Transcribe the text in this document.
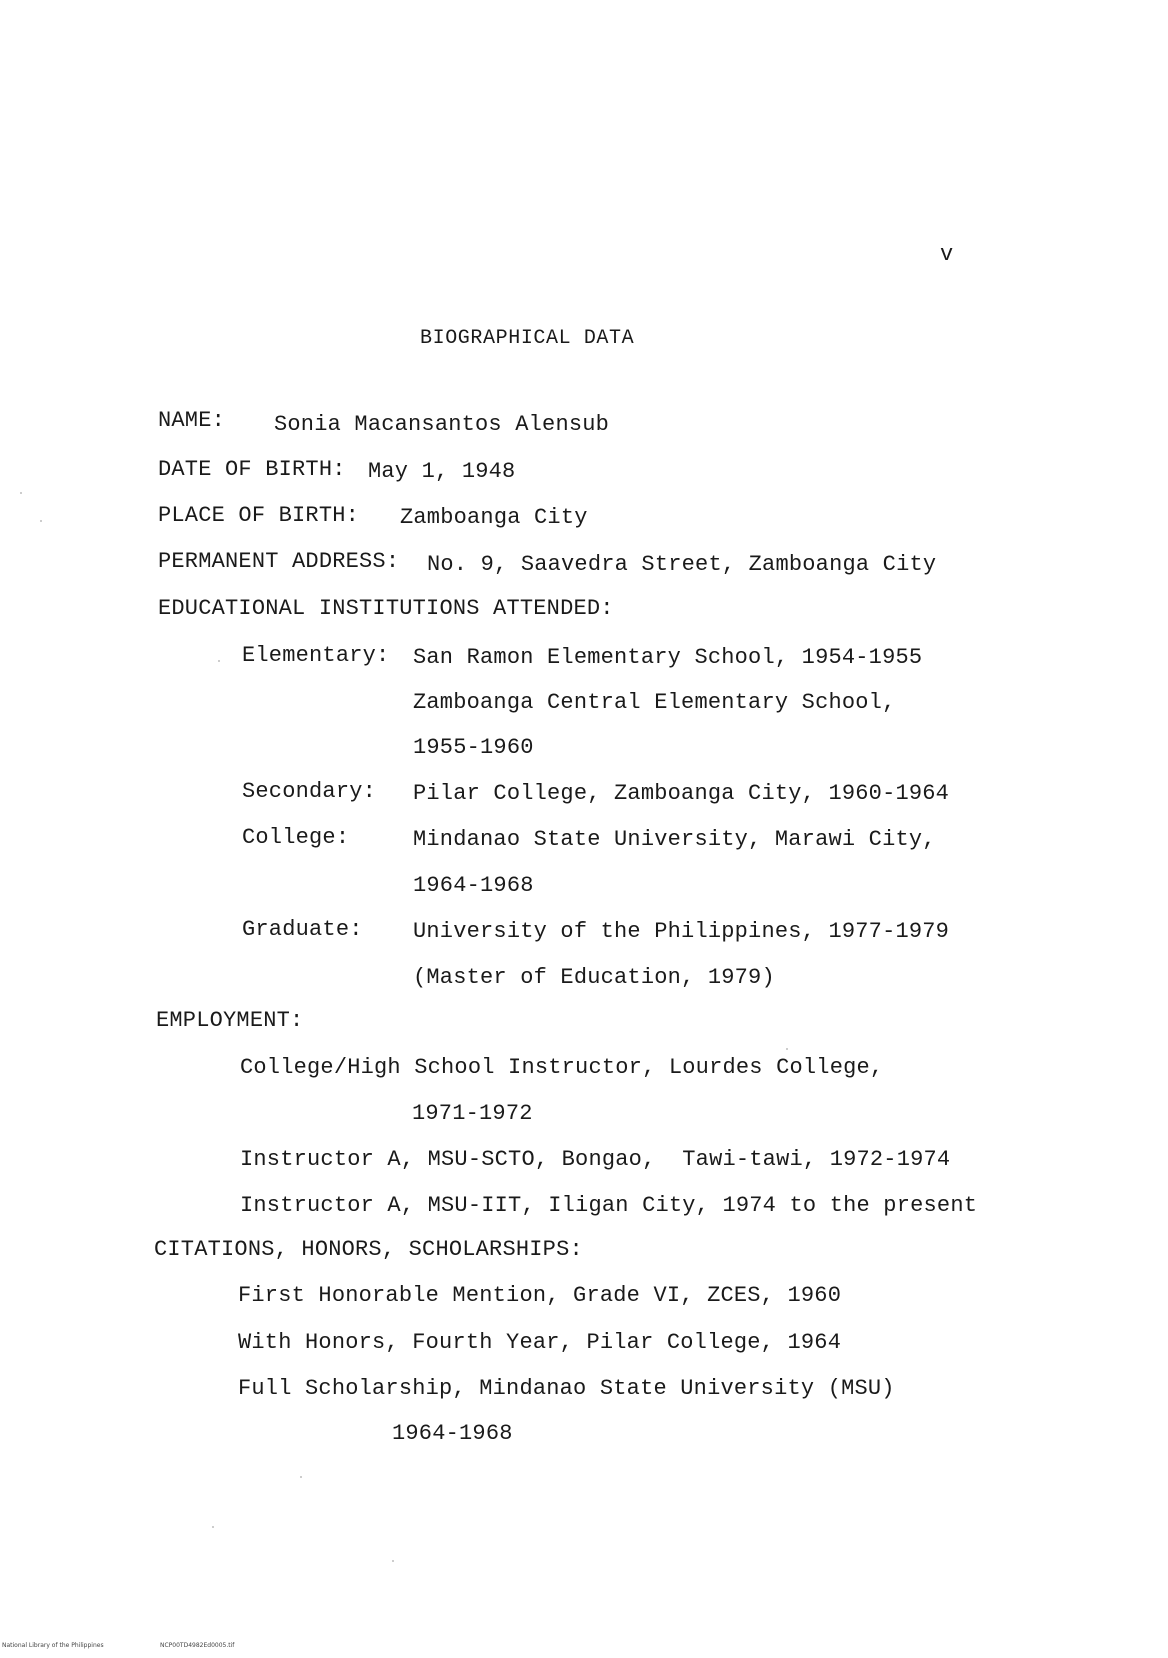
v
BIOGRAPHICAL DATA
NAME: Sonia Macansantos Alensub
DATE OF BIRTH: May 1, 1948
PLACE OF BIRTH: Zamboanga City
PERMANENT ADDRESS: No. 9, Saavedra Street, Zamboanga City
EDUCATIONAL INSTITUTIONS ATTENDED:
Elementary: San Ramon Elementary School, 1954-1955
Zamboanga Central Elementary School,
1955-1960
Secondary: Pilar College, Zamboanga City, 1960-1964
College:	Mindanao State University, Marawi City,
1964-1968
Graduate: University of the Philippines, 1977-1979
(Master of Education, 1979)
EMPLOYMENT:
College/High School Instructor, Lourdes College,
1971-1972
Instructor A, MSU-SCTO, Bongao,  Tawi-tawi, 1972-1974
Instructor A, MSU-IIT, Iligan City, 1974 to the present
CITATIONS, HONORS, SCHOLARSHIPS:
First Honorable Mention, Grade VI, ZCES, 1960
With Honors, Fourth Year, Pilar College, 1964
Full Scholarship, Mindanao State University (MSU)
1964-1968
National Library of the Philippines	NCP00TD4982Ed0005.tif
